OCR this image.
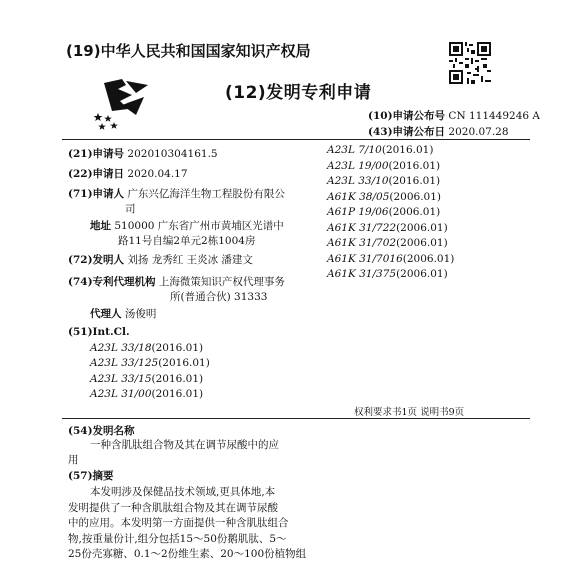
(19)中华人民共和国国家知识产权局
(12)发明专利申请
(10)申请公布号 CN 111449246 A
(43)申请公布日 2020.07.28
(21)申请号 202010304161.5
(22)申请日 2020.04.17
(71)申请人 广东兴亿海洋生物工程股份有限公
司
地址 510000 广东省广州市黄埔区光谱中
路11号自编2单元2栋1004房
(72)发明人 刘扬 龙秀红 王炎冰 潘建文
(74)专利代理机构 上海微策知识产权代理事务
所(普通合伙) 31333
代理人 汤俊明
(51)Int.Cl.
A23L 33/18(2016.01)
A23L 33/125(2016.01)
A23L 33/15(2016.01)
A23L 31/00(2016.01)
A23L 7/10(2016.01)
A23L 19/00(2016.01)
A23L 33/10(2016.01)
A61K 38/05(2006.01)
A61P 19/06(2006.01)
A61K 31/722(2006.01)
A61K 31/702(2006.01)
A61K 31/7016(2006.01)
A61K 31/375(2006.01)
权利要求书1页 说明书9页
(54)发明名称
一种含肌肽组合物及其在调节尿酸中的应
用
(57)摘要
本发明涉及保健品技术领域,更具体地,本
发明提供了一种含肌肽组合物及其在调节尿酸
中的应用。本发明第一方面提供一种含肌肽组合
物,按重量份计,组分包括15～50份鹅肌肽、5～
25份壳寡糖、0.1～2份维生素、20～100份植物组
